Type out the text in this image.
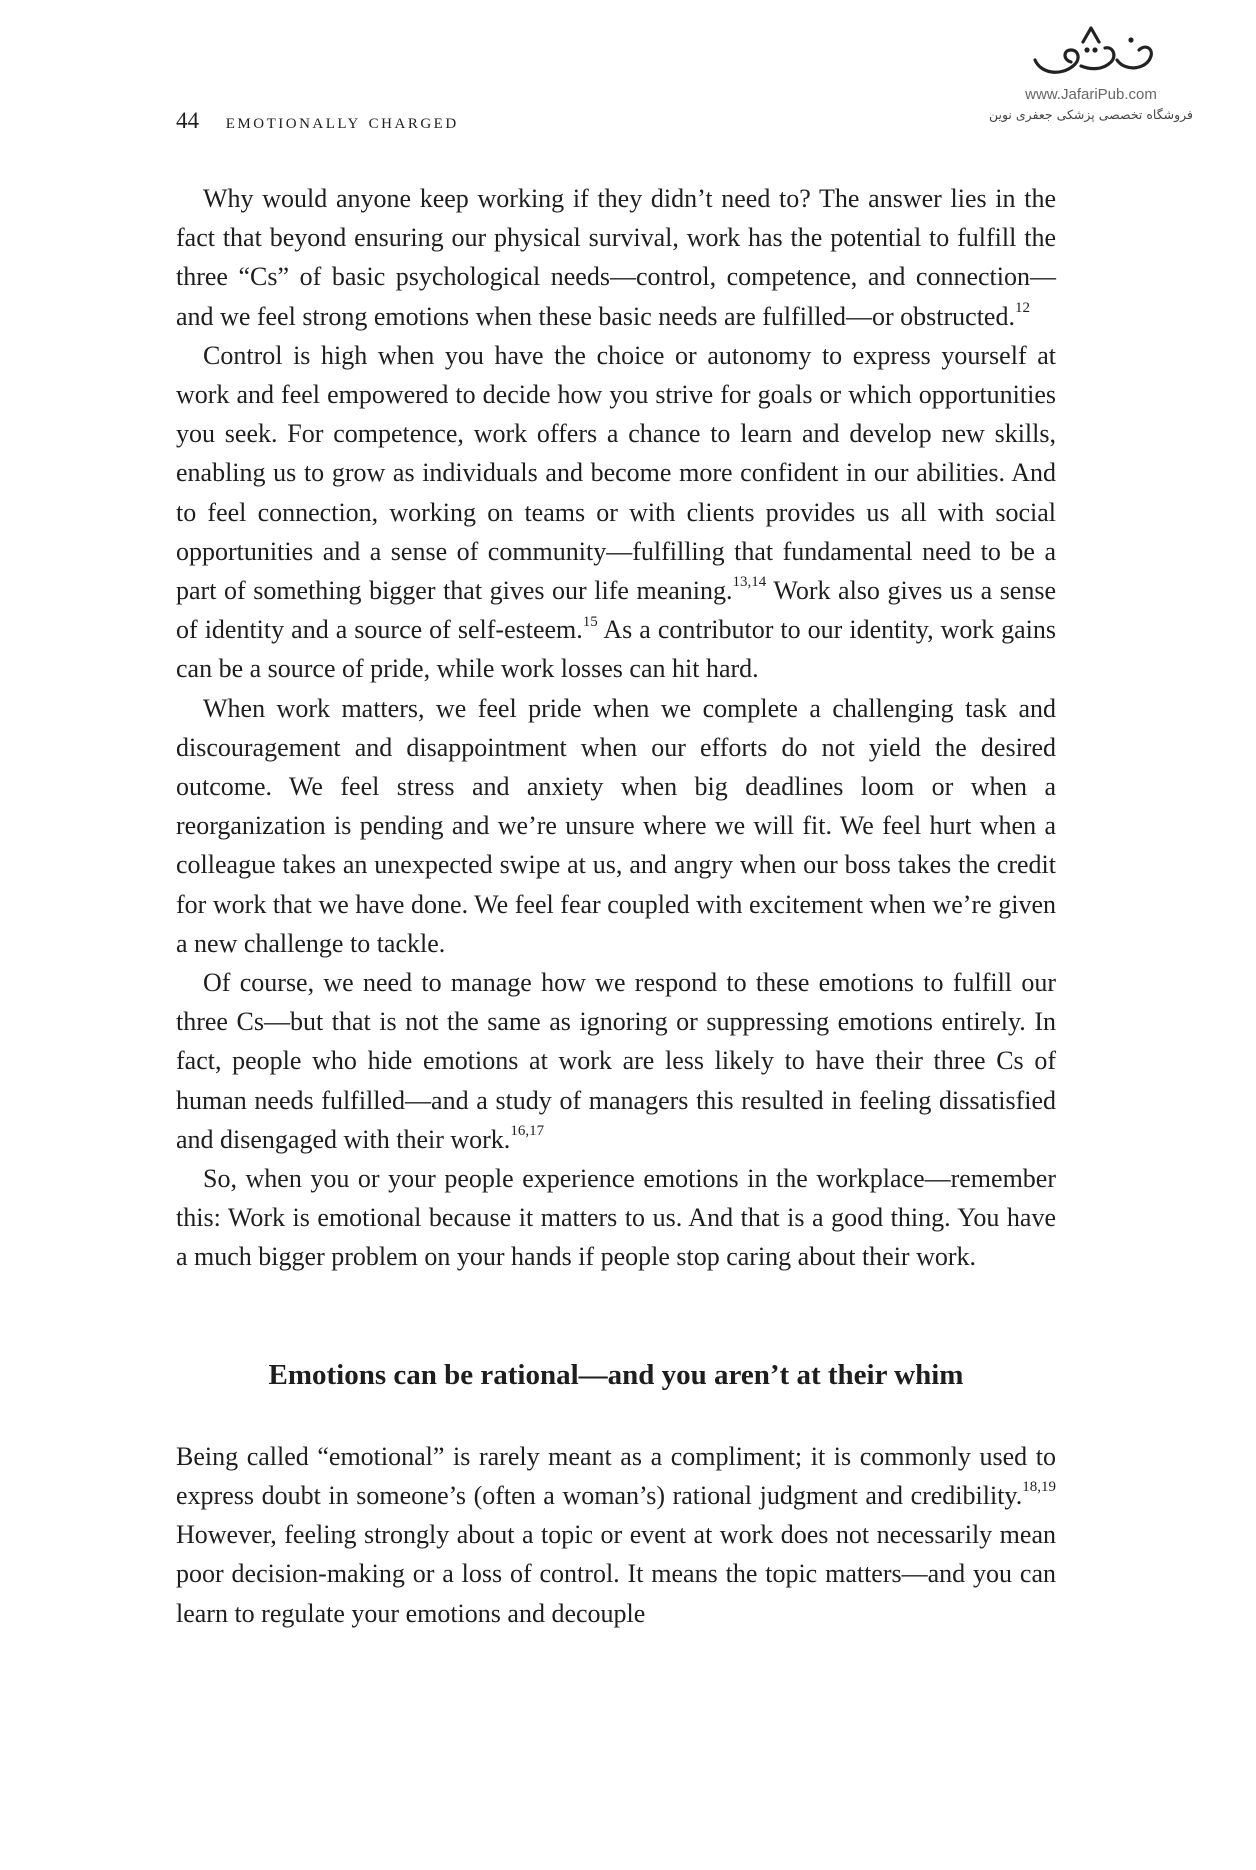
44 emotionally charged
www.JafariPub.com
فروشگاه تخصصی پزشکی جعفری نوین

Why would anyone keep working if they didn’t need to? The answer lies in the fact that beyond ensuring our physical survival, work has the potential to fulfill the three “Cs” of basic psychological needs—control, competence, and connection—and we feel strong emotions when these basic needs are fulfilled—or obstructed.$^{12}$

Control is high when you have the choice or autonomy to express yourself at work and feel empowered to decide how you strive for goals or which opportunities you seek. For competence, work offers a chance to learn and develop new skills, enabling us to grow as individuals and become more confident in our abilities. And to feel connection, working on teams or with clients provides us all with social opportunities and a sense of community—fulfilling that fundamental need to be a part of something bigger that gives our life meaning.$^{13,14}$ Work also gives us a sense of identity and a source of self-esteem.$^{15}$ As a contributor to our identity, work gains can be a source of pride, while work losses can hit hard.

When work matters, we feel pride when we complete a challenging task and discouragement and disappointment when our efforts do not yield the desired outcome. We feel stress and anxiety when big deadlines loom or when a reorganization is pending and we’re unsure where we will fit. We feel hurt when a colleague takes an unexpected swipe at us, and angry when our boss takes the credit for work that we have done. We feel fear coupled with excitement when we’re given a new challenge to tackle.

Of course, we need to manage how we respond to these emotions to fulfill our three Cs—but that is not the same as ignoring or suppressing emotions entirely. In fact, people who hide emotions at work are less likely to have their three Cs of human needs fulfilled—and a study of managers this resulted in feeling dissatisfied and disengaged with their work.$^{16,17}$

So, when you or your people experience emotions in the workplace—remember this: Work is emotional because it matters to us. And that is a good thing. You have a much bigger problem on your hands if people stop caring about their work.

Emotions can be rational—and you aren’t at their whim

Being called “emotional” is rarely meant as a compliment; it is commonly used to express doubt in someone’s (often a woman’s) rational judgment and credibility.$^{18,19}$ However, feeling strongly about a topic or event at work does not necessarily mean poor decision-making or a loss of control. It means the topic matters—and you can learn to regulate your emotions and decouple
